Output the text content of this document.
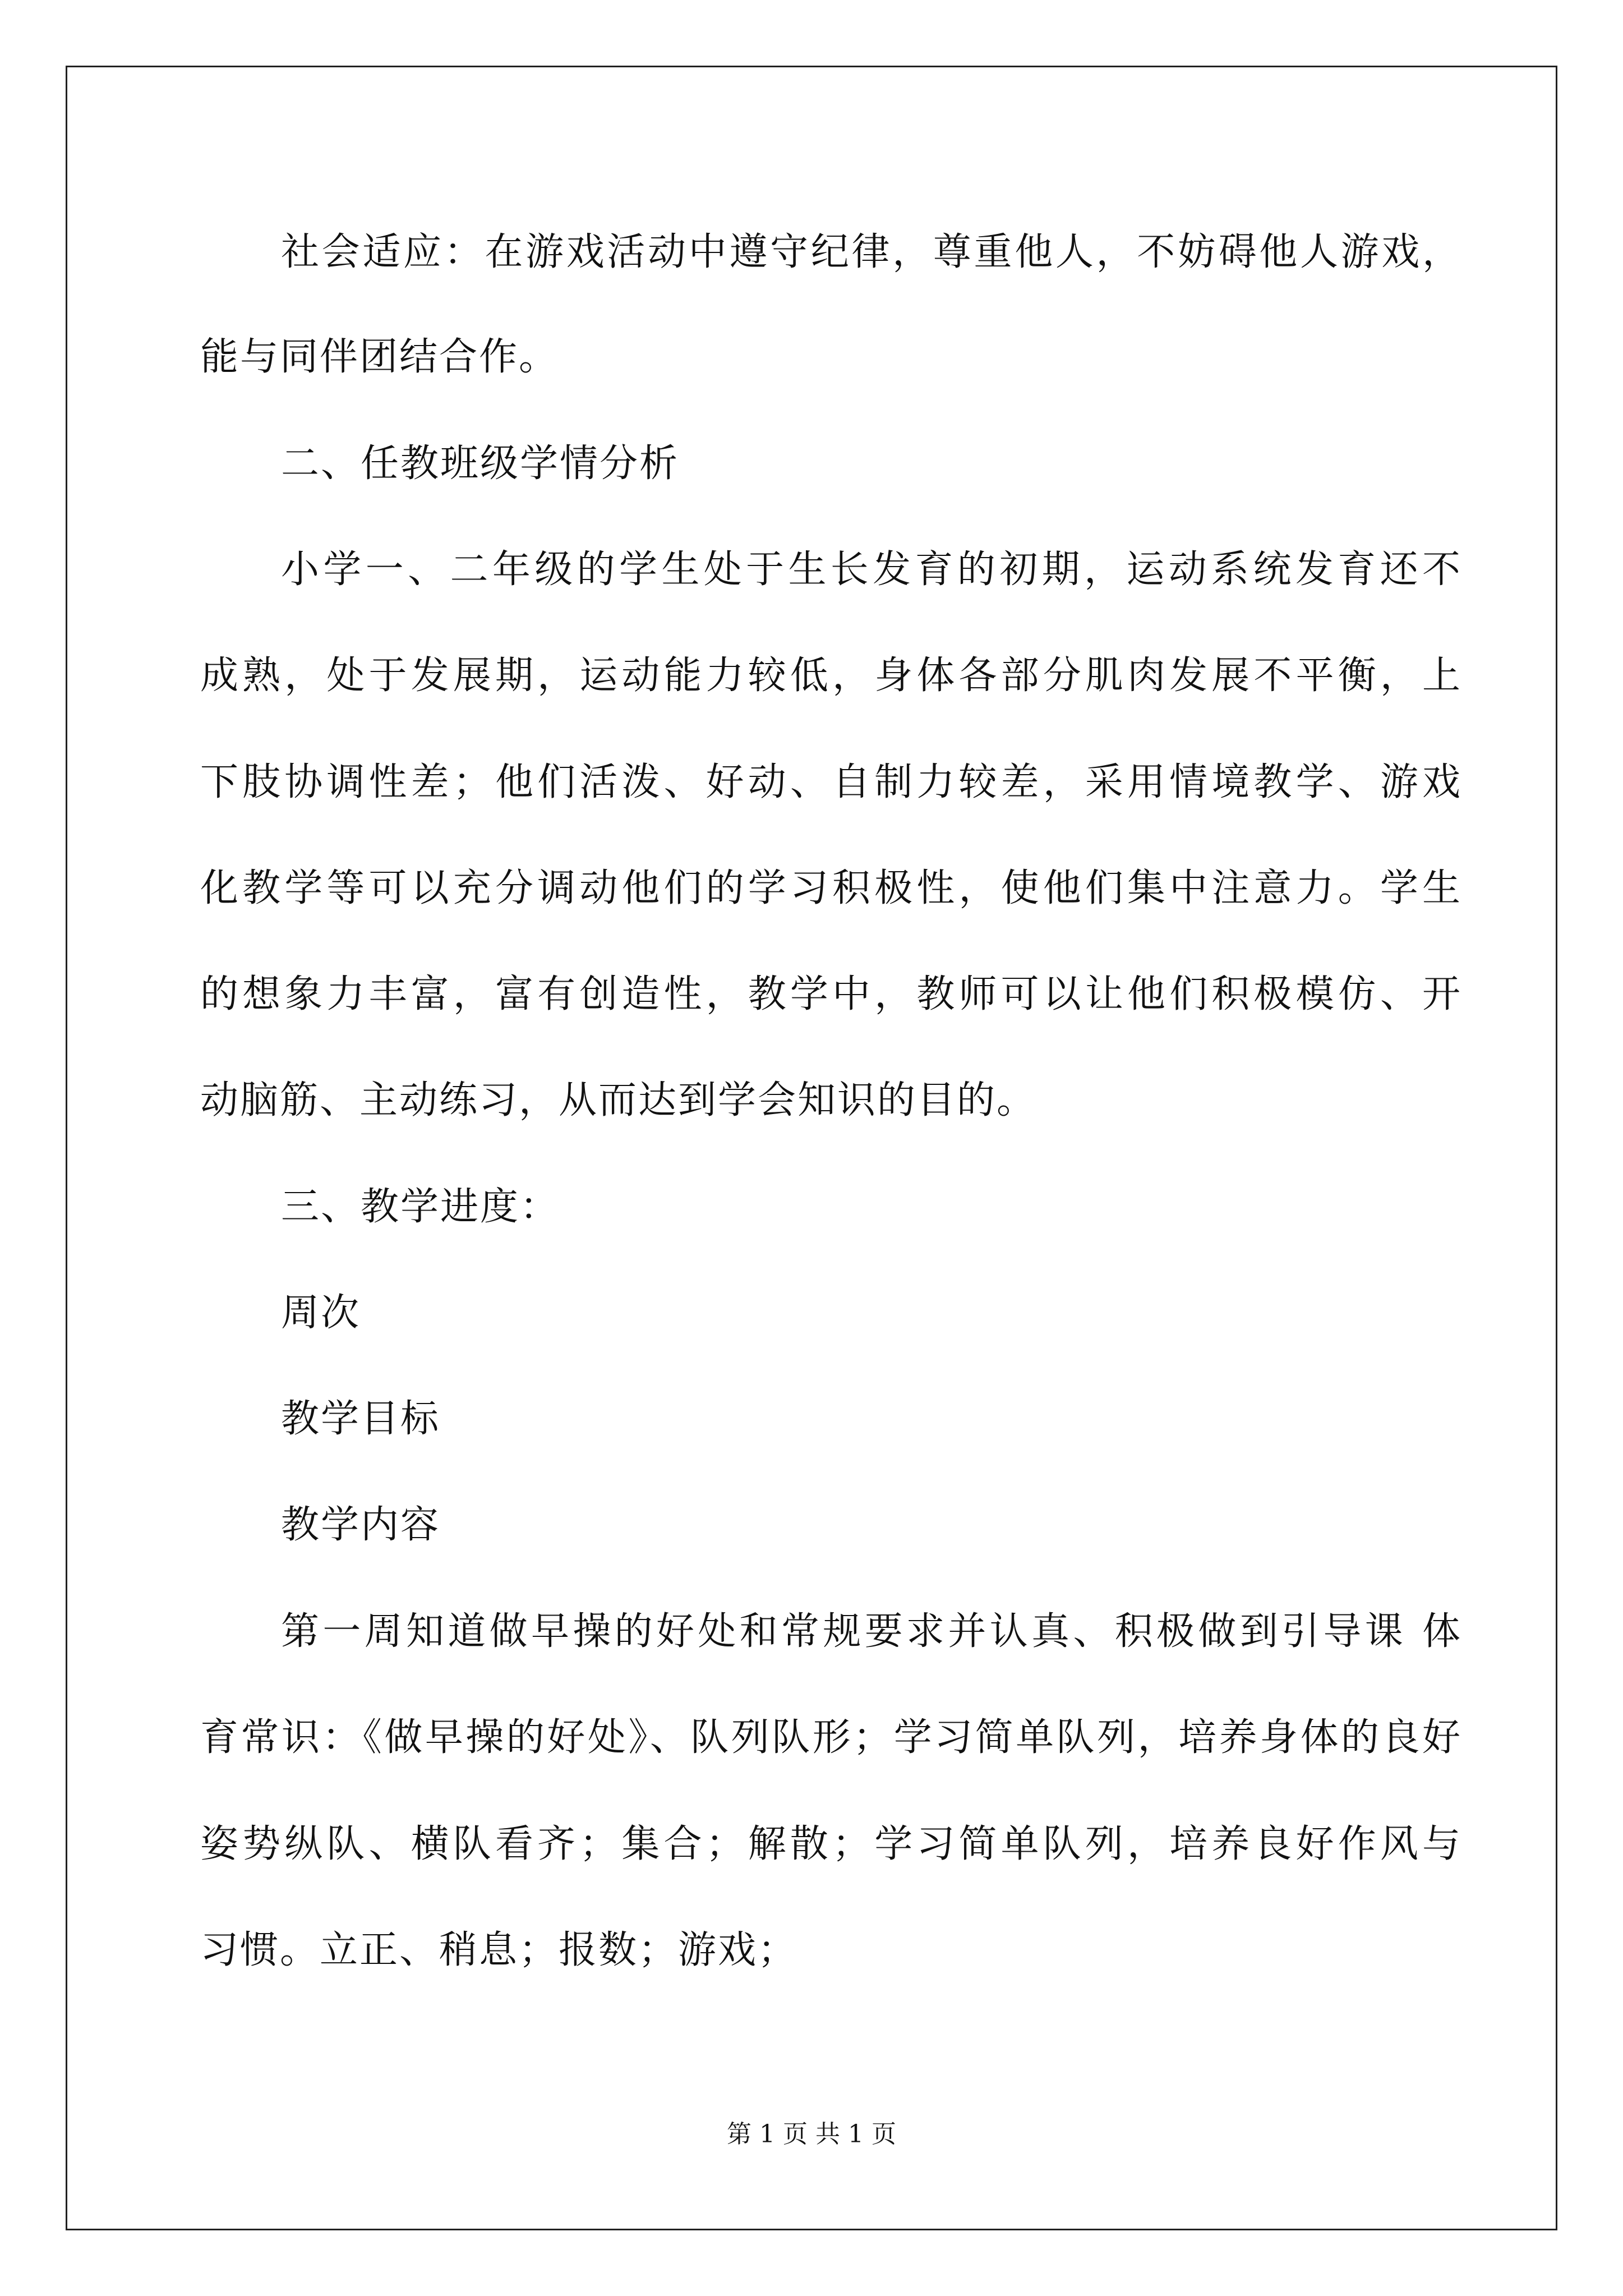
社会适应：在游戏活动中遵守纪律，尊重他人，不妨碍他人游戏，
能与同伴团结合作。
二、任教班级学情分析
小学一、二年级的学生处于生长发育的初期，运动系统发育还不
成熟，处于发展期，运动能力较低，身体各部分肌肉发展不平衡，上
下肢协调性差；他们活泼、好动、自制力较差，采用情境教学、游戏
化教学等可以充分调动他们的学习积极性，使他们集中注意力。学生
的想象力丰富，富有创造性，教学中，教师可以让他们积极模仿、开
动脑筋、主动练习，从而达到学会知识的目的。
三、教学进度：
周次
教学目标
教学内容
第一周知道做早操的好处和常规要求并认真、积极做到引导课 体
育常识：《做早操的好处》、队列队形；学习简单队列，培养身体的良好
姿势纵队、横队看齐；集合；解散；学习简单队列，培养良好作风与
习惯。立正、稍息；报数；游戏；
第 1 页 共 1 页
